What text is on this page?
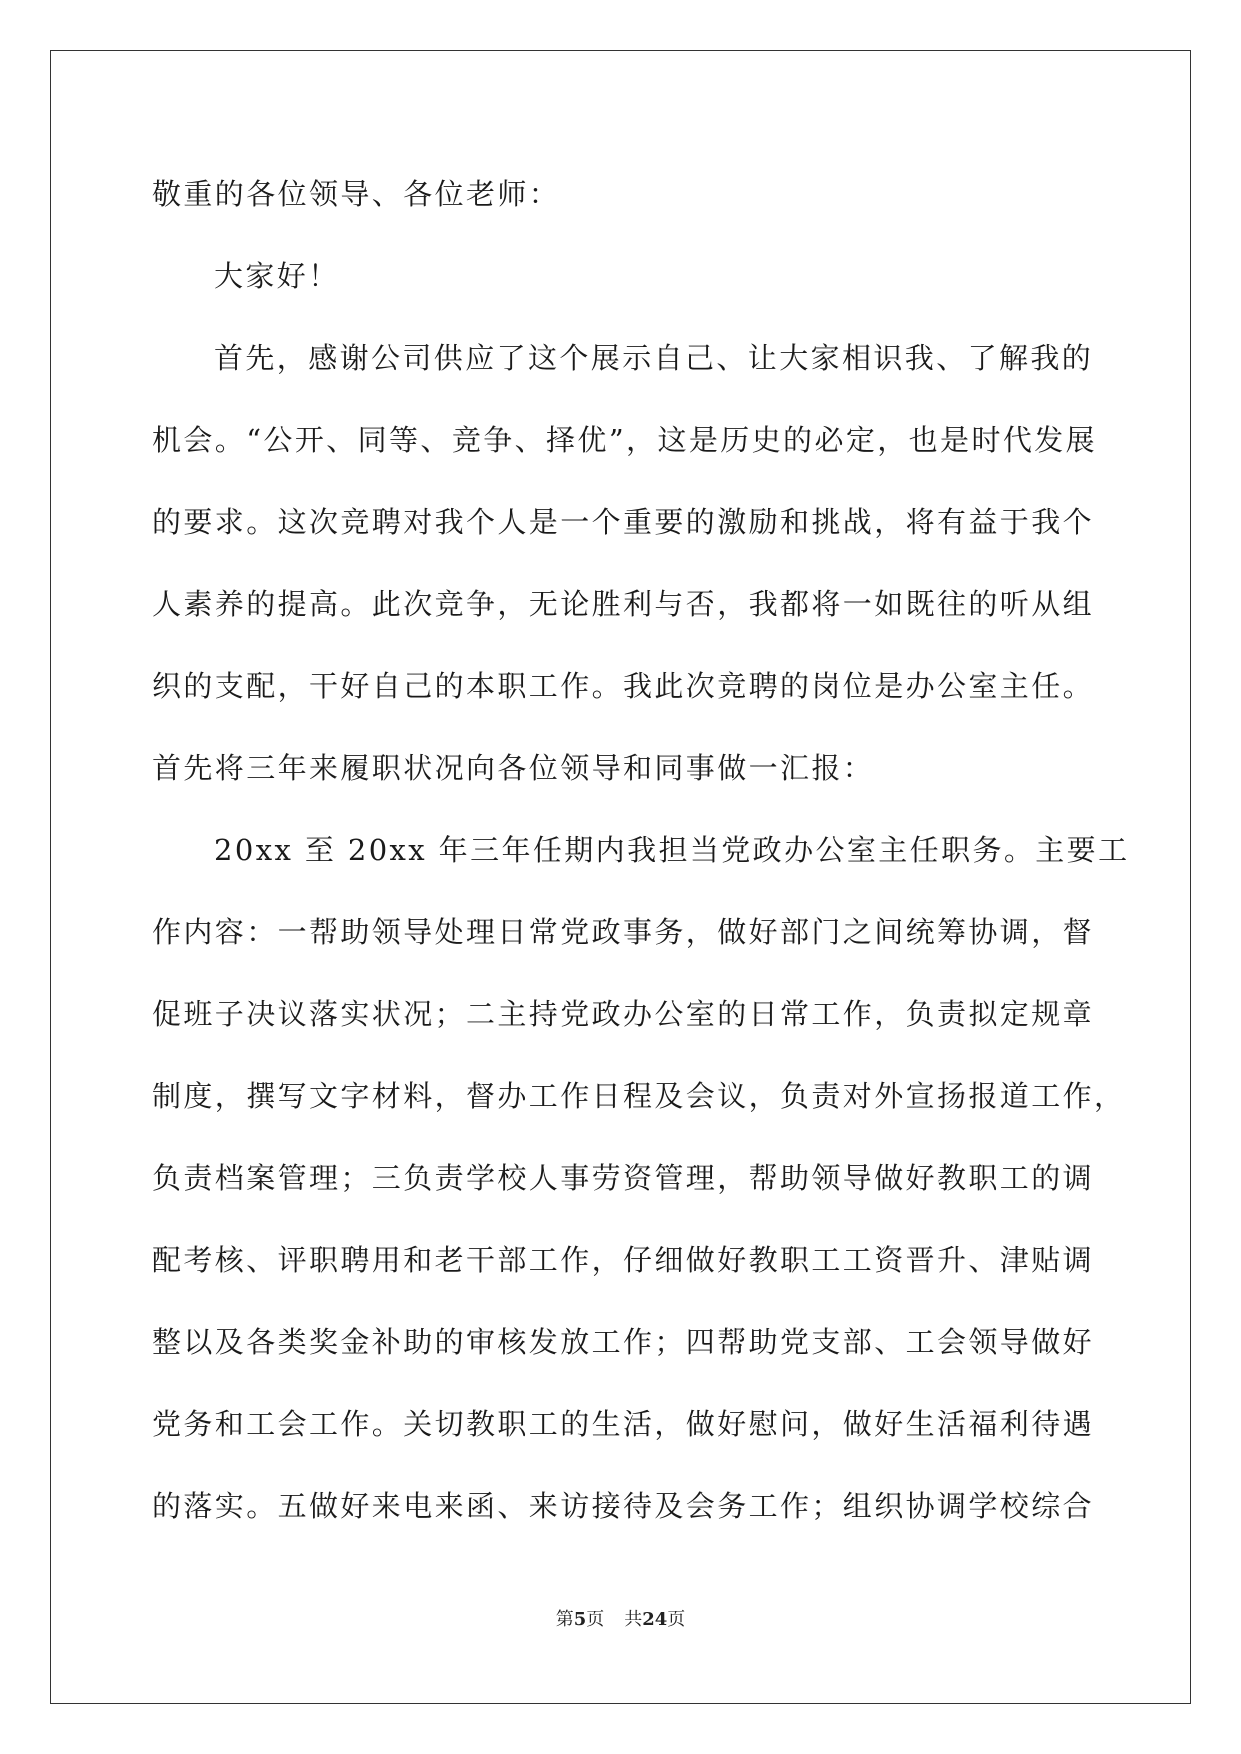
敬重的各位领导、各位老师：
大家好！
首先，感谢公司供应了这个展示自己、让大家相识我、了解我的
机会。“公开、同等、竞争、择优”，这是历史的必定，也是时代发展
的要求。这次竞聘对我个人是一个重要的激励和挑战，将有益于我个
人素养的提高。此次竞争，无论胜利与否，我都将一如既往的听从组
织的支配，干好自己的本职工作。我此次竞聘的岗位是办公室主任。
首先将三年来履职状况向各位领导和同事做一汇报：
20xx 至 20xx 年三年任期内我担当党政办公室主任职务。主要工
作内容：一帮助领导处理日常党政事务，做好部门之间统筹协调，督
促班子决议落实状况；二主持党政办公室的日常工作，负责拟定规章
制度，撰写文字材料，督办工作日程及会议，负责对外宣扬报道工作，
负责档案管理；三负责学校人事劳资管理，帮助领导做好教职工的调
配考核、评职聘用和老干部工作，仔细做好教职工工资晋升、津贴调
整以及各类奖金补助的审核发放工作；四帮助党支部、工会领导做好
党务和工会工作。关切教职工的生活，做好慰问，做好生活福利待遇
的落实。五做好来电来函、来访接待及会务工作；组织协调学校综合
第5页 共24页
